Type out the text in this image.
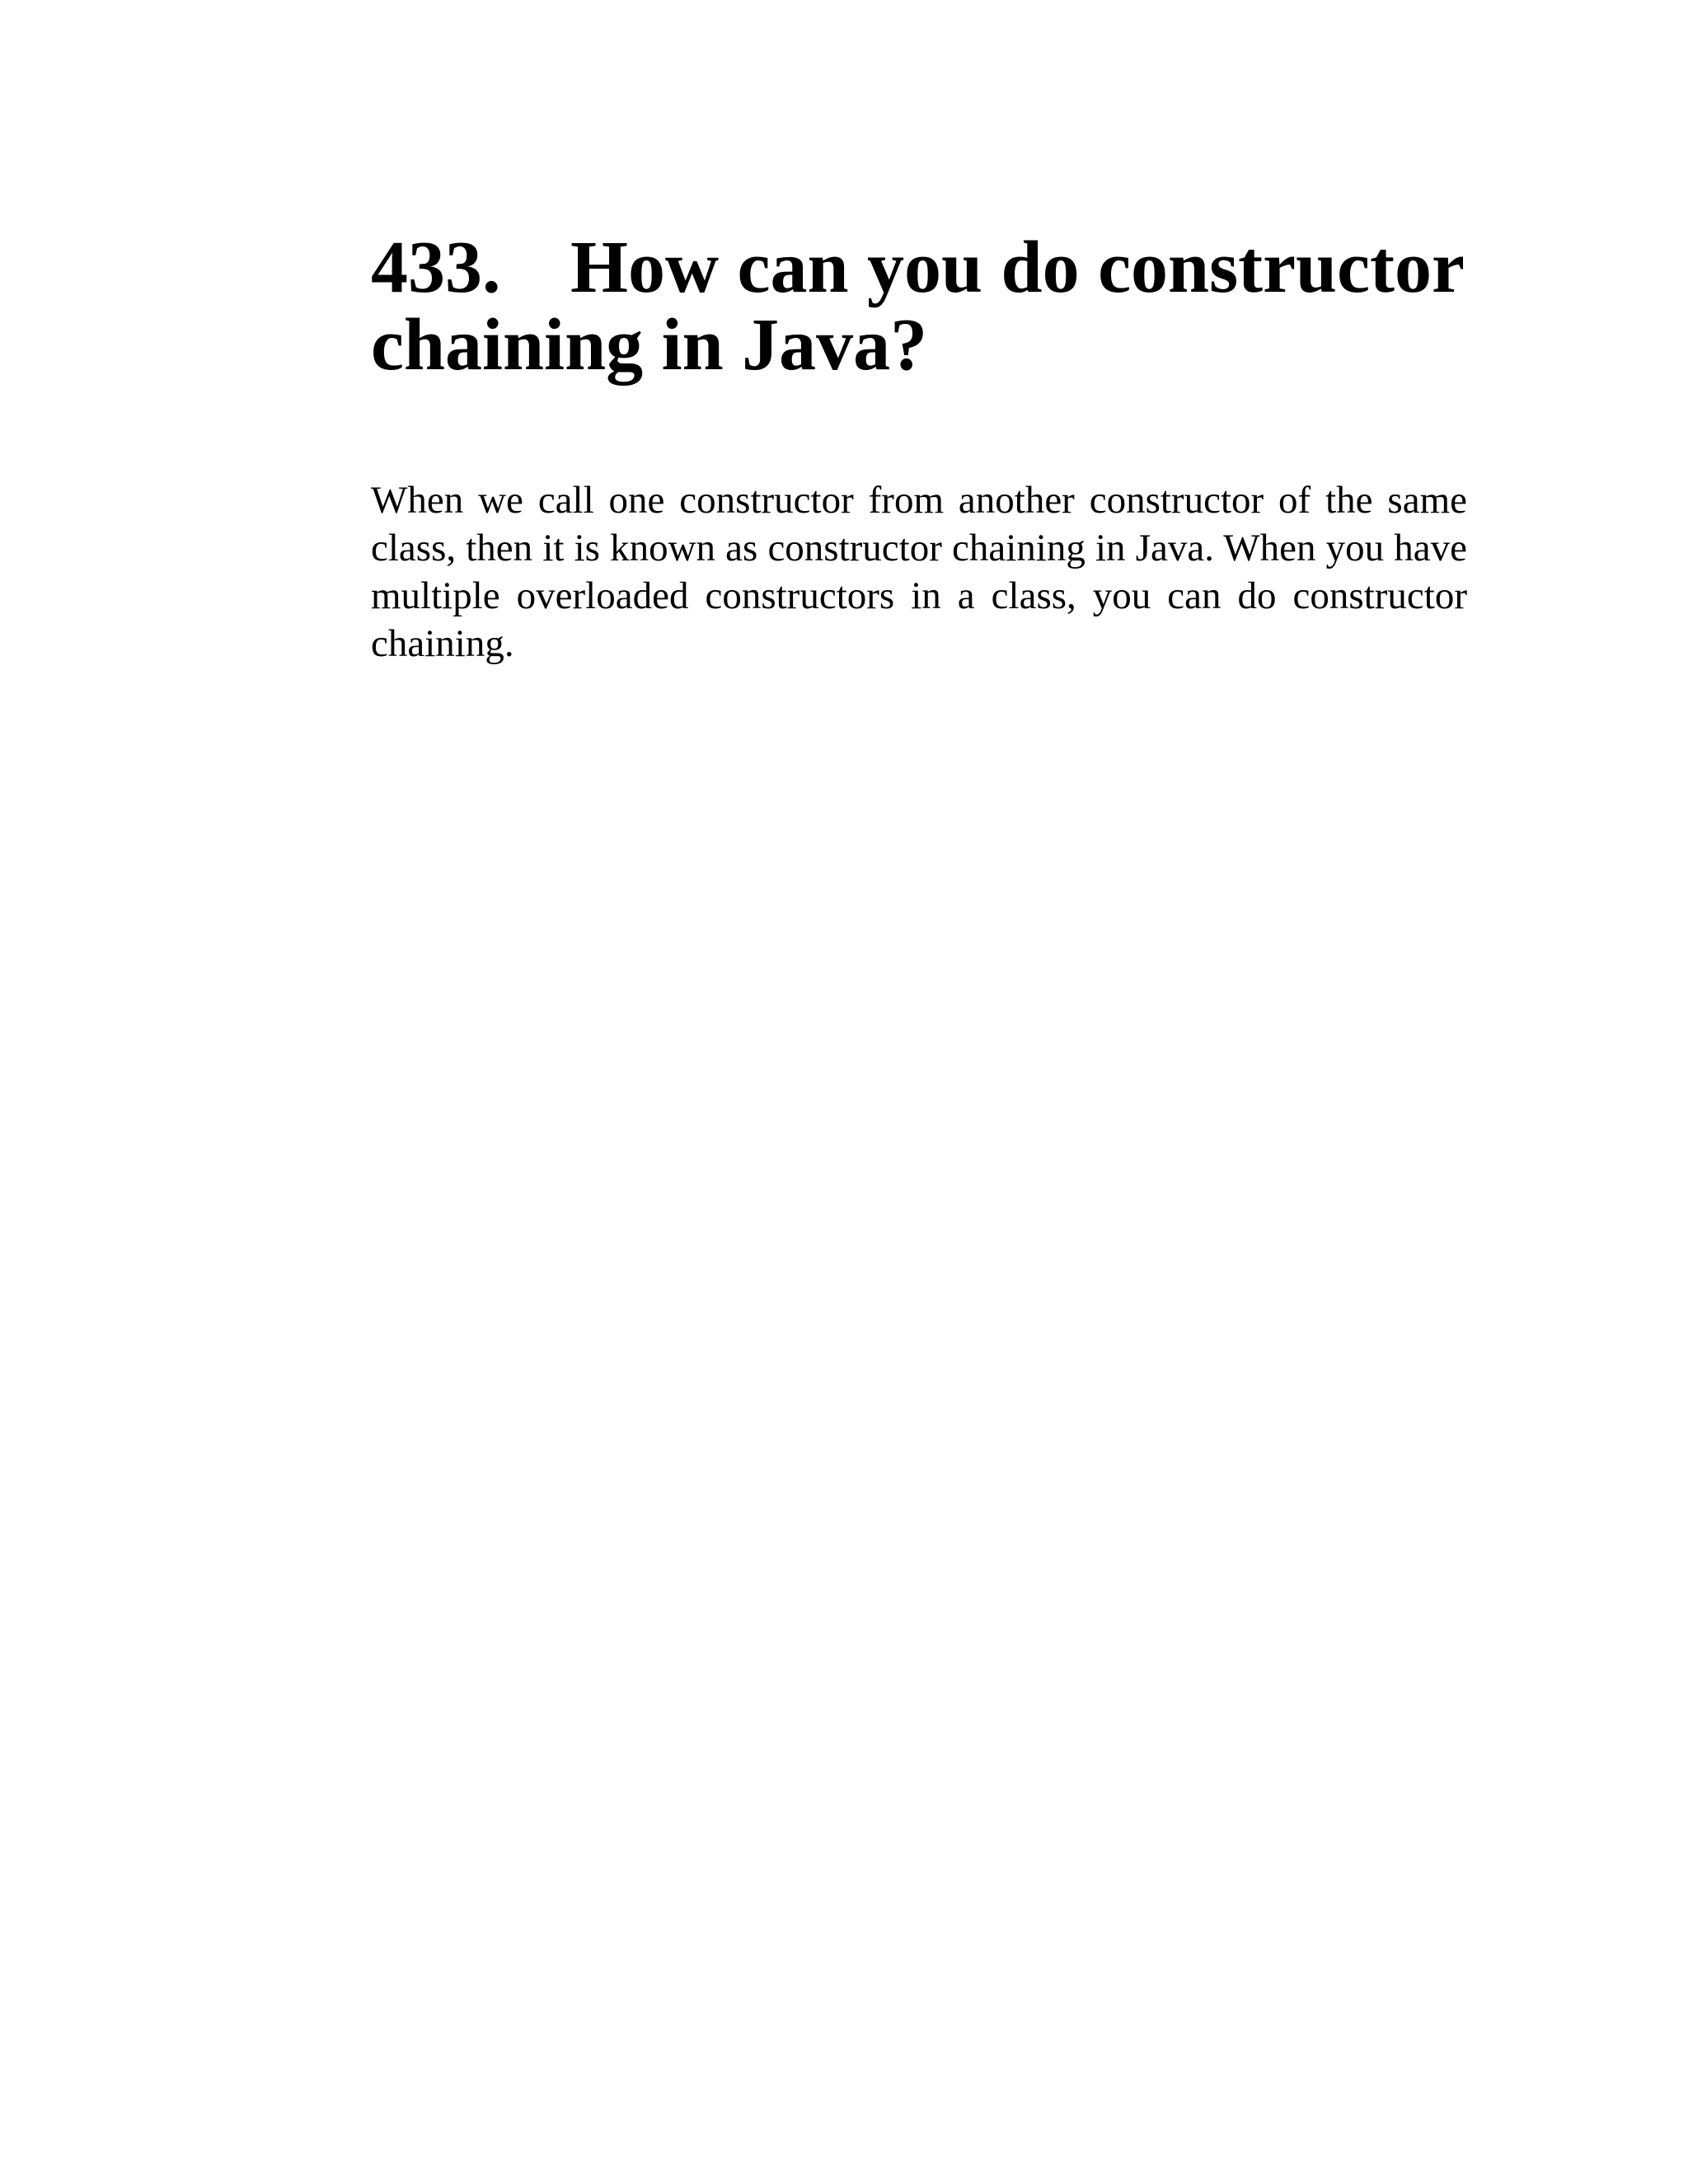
433. How can you do constructor chaining in Java?

When we call one constructor from another constructor of the same class, then it is known as constructor chaining in Java. When you have multiple overloaded constructors in a class, you can do constructor chaining.
